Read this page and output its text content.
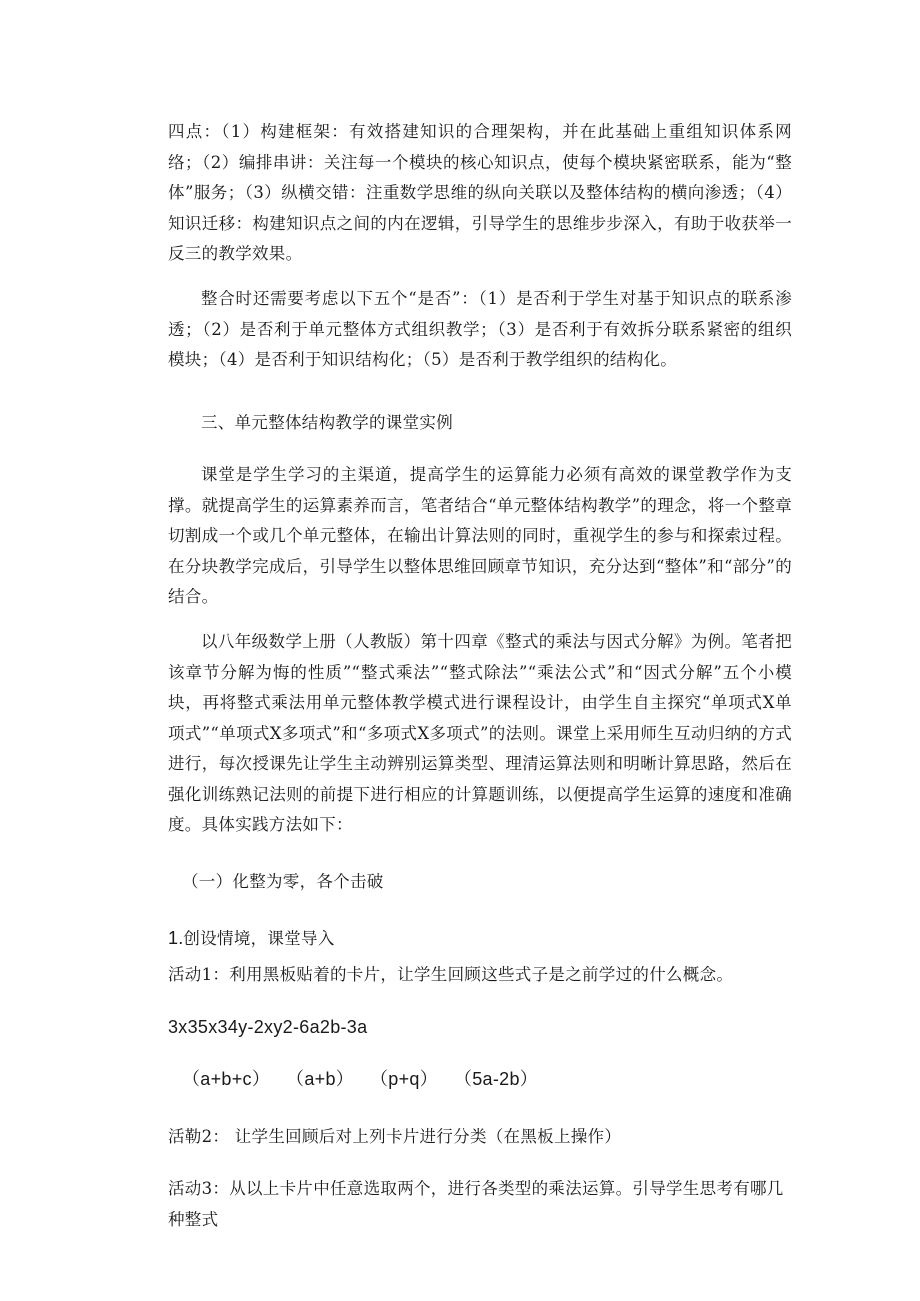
四点：（1）构建框架：有效搭建知识的合理架构，并在此基础上重组知识体系网络；（2）编排串讲：关注每一个模块的核心知识点，使每个模块紧密联系，能为“整体”服务；（3）纵横交错：注重数学思维的纵向关联以及整体结构的横向渗透；（4）知识迁移：构建知识点之间的内在逻辑，引导学生的思维步步深入，有助于收获举一反三的教学效果。

整合时还需要考虑以下五个“是否”：（1）是否利于学生对基于知识点的联系渗透；（2）是否利于单元整体方式组织教学；（3）是否利于有效拆分联系紧密的组织模块；（4）是否利于知识结构化；（5）是否利于教学组织的结构化。

三、单元整体结构教学的课堂实例

课堂是学生学习的主渠道，提高学生的运算能力必须有高效的课堂教学作为支撑。就提高学生的运算素养而言，笔者结合“单元整体结构教学”的理念，将一个整章切割成一个或几个单元整体，在输出计算法则的同时，重视学生的参与和探索过程。在分块教学完成后，引导学生以整体思维回顾章节知识，充分达到“整体”和“部分”的结合。

以八年级数学上册（人教版）第十四章《整式的乘法与因式分解》为例。笔者把该章节分解为悔的性质”“整式乘法”“整式除法”“乘法公式”和“因式分解”五个小模块，再将整式乘法用单元整体教学模式进行课程设计，由学生自主探究“单项式X单项式”“单项式X多项式”和“多项式X多项式”的法则。课堂上采用师生互动归纳的方式进行，每次授课先让学生主动辨别运算类型、理清运算法则和明晰计算思路，然后在强化训练熟记法则的前提下进行相应的计算题训练，以便提高学生运算的速度和准确度。具体实践方法如下：

（一）化整为零，各个击破

1.创设情境，课堂导入

活动1：利用黑板贴着的卡片，让学生回顾这些式子是之前学过的什么概念。

3x35x34y-2xy2-6a2b-3a

（a+b+c）   （a+b）   （p+q）   （5a-2b）

活勒2： 让学生回顾后对上列卡片进行分类（在黑板上操作）

活动3：从以上卡片中任意选取两个，进行各类型的乘法运算。引导学生思考有哪几种整式
